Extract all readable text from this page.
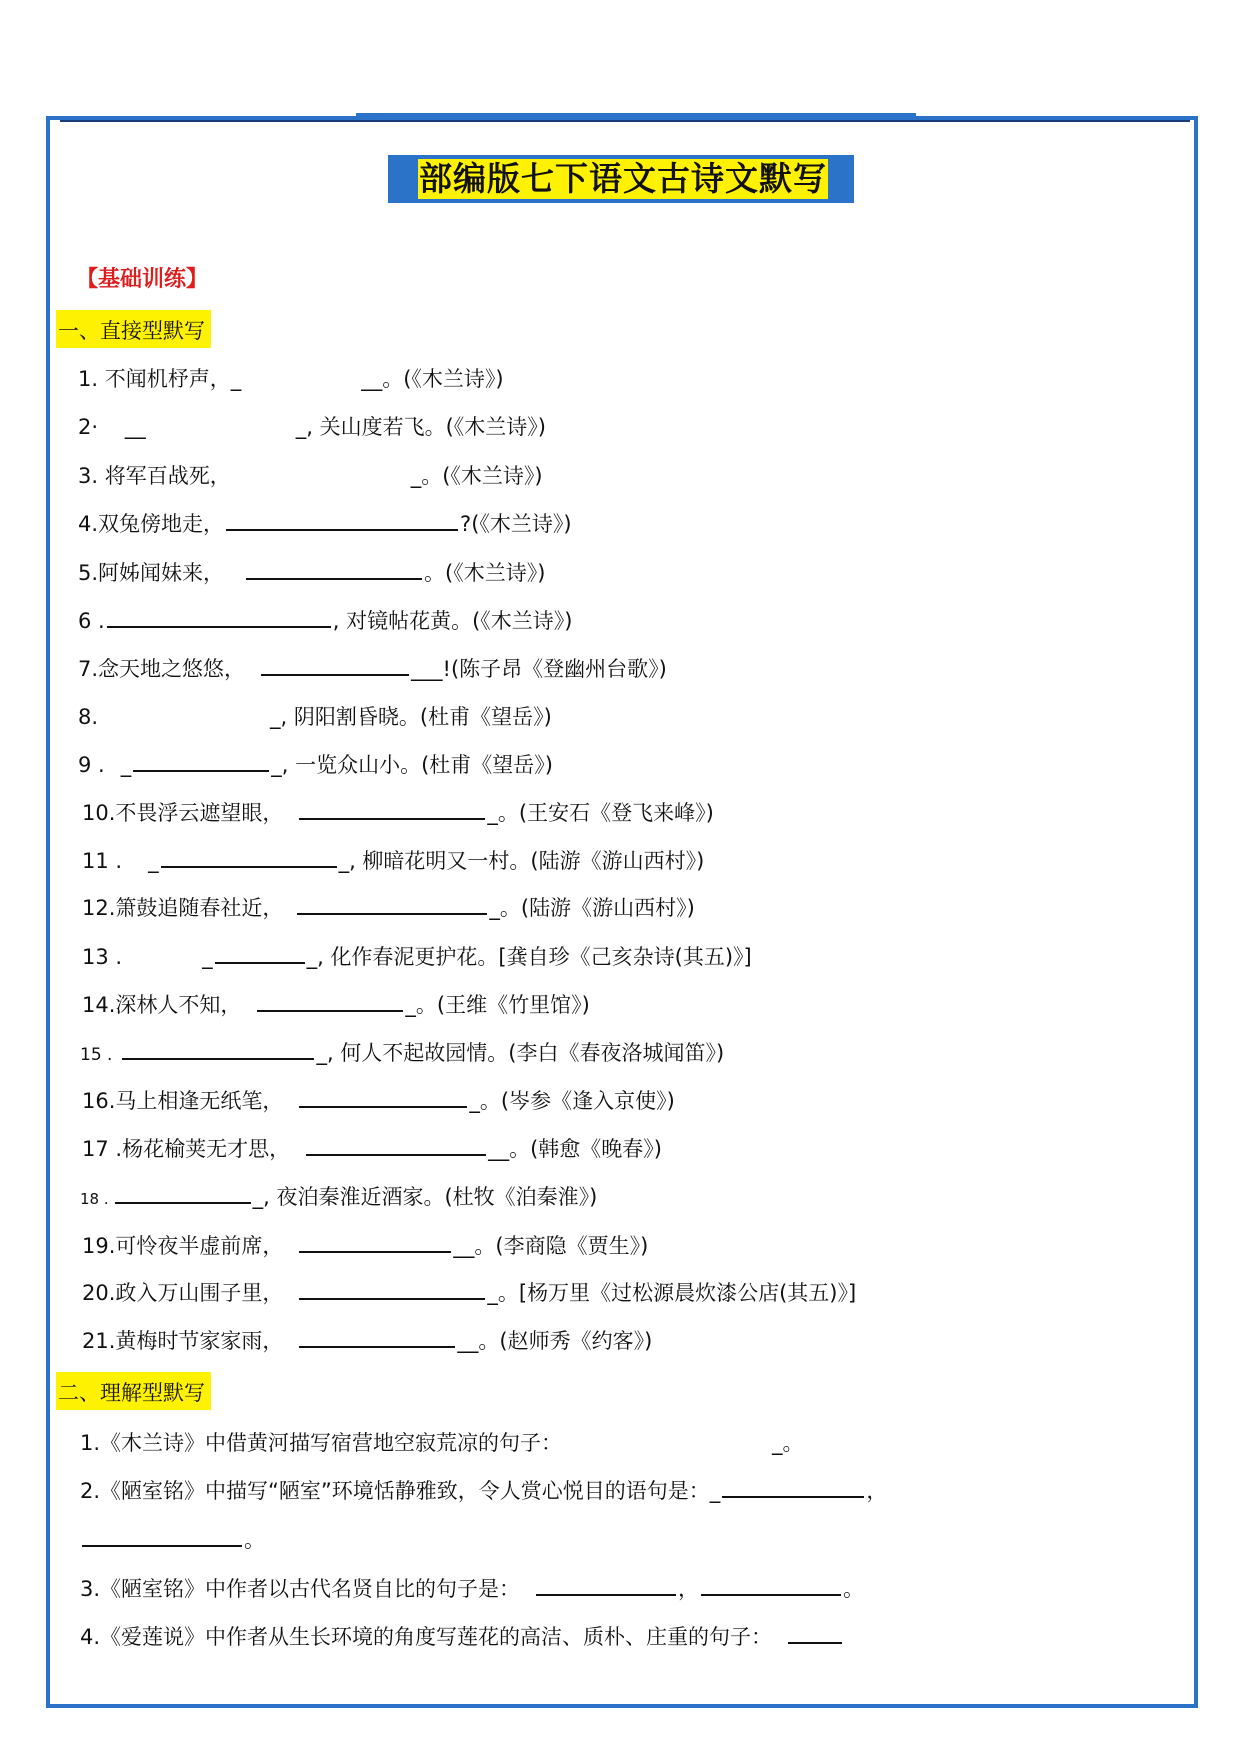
部编版七下语文古诗文默写
【基础训练】
一、直接型默写
1. 不闻机杼声，_	__。(《木兰诗》)
2· __	_, 关山度若飞。(《木兰诗》)
3. 将军百战死，	_。(《木兰诗》)
4.双兔傍地走，	?(《木兰诗》)
5.阿姊闻妹来，	。(《木兰诗》)
6 .	, 对镜帖花黄。(《木兰诗》)
7.念天地之悠悠，	___!(陈子昂《登幽州台歌》)
8.	_, 阴阳割昏晓。(杜甫《望岳》)
9 . _	_, 一览众山小。(杜甫《望岳》)
10.不畏浮云遮望眼，	_。(王安石《登飞来峰》)
11 . _	_, 柳暗花明又一村。(陆游《游山西村》)
12.箫鼓追随春社近，	_。(陆游《游山西村》)
13 .	_	_, 化作春泥更护花。[龚自珍《己亥杂诗(其五)》]
14.深林人不知，	_。(王维《竹里馆》)
15 .	_, 何人不起故园情。(李白《春夜洛城闻笛》)
16.马上相逢无纸笔，	_。(岑参《逢入京使》)
17 .杨花榆荚无才思，	__。(韩愈《晚春》)
18 .	_, 夜泊秦淮近酒家。(杜牧《泊秦淮》)
19.可怜夜半虚前席，	__。(李商隐《贾生》)
20.政入万山围子里，	_。[杨万里《过松源晨炊漆公店(其五)》]
21.黄梅时节家家雨，	__。(赵师秀《约客》)
二、理解型默写
1.《木兰诗》中借黄河描写宿营地空寂荒凉的句子：	_。
2.《陋室铭》中描写“陋室”环境恬静雅致，令人赏心悦目的语句是：_	，
。
3.《陋室铭》中作者以古代名贤自比的句子是：	，	。
4.《爱莲说》中作者从生长环境的角度写莲花的高洁、质朴、庄重的句子：
